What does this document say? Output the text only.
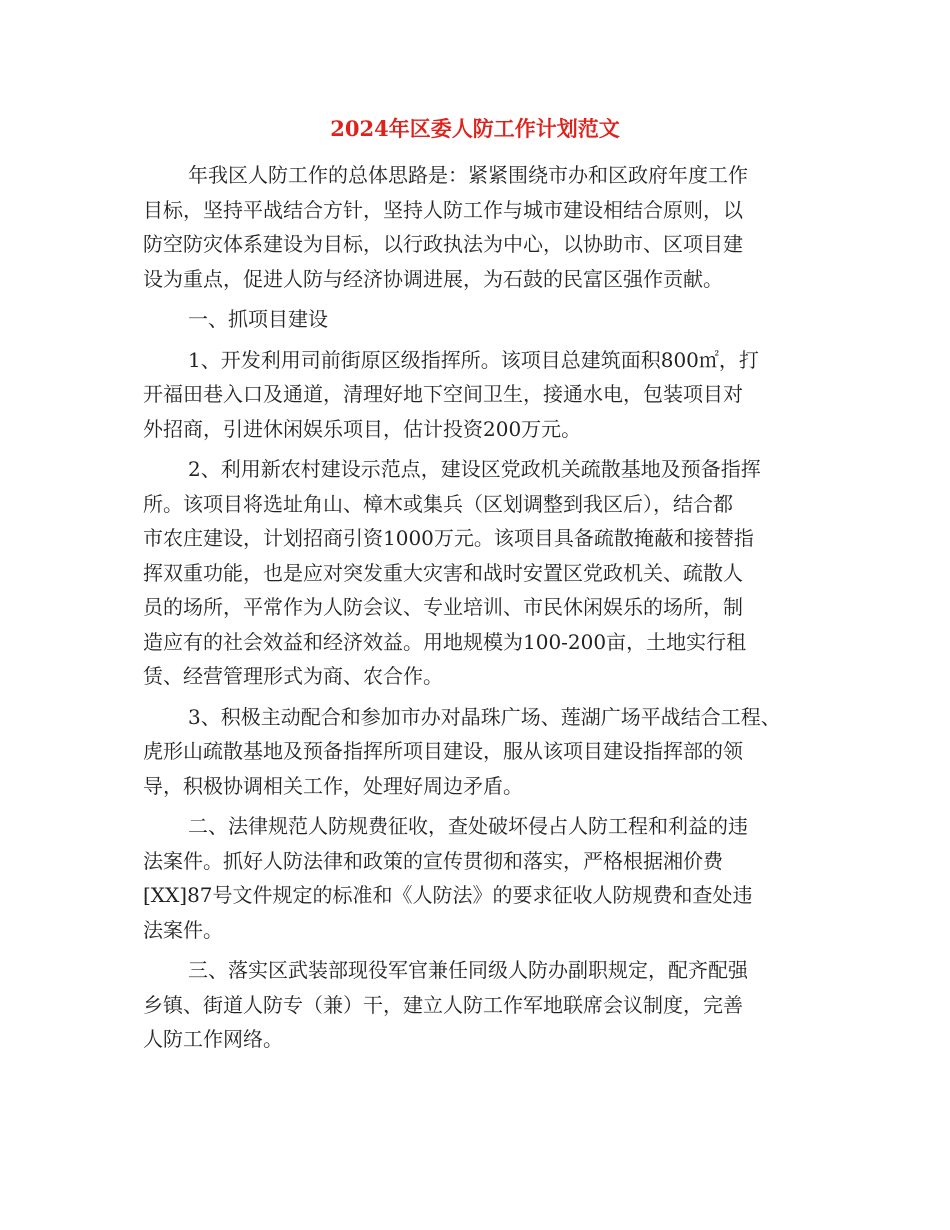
2024年区委人防工作计划范文

年我区人防工作的总体思路是：紧紧围绕市办和区政府年度工作
目标，坚持平战结合方针，坚持人防工作与城市建设相结合原则，以
防空防灾体系建设为目标，以行政执法为中心，以协助市、区项目建
设为重点，促进人防与经济协调进展，为石鼓的民富区强作贡献。

一、抓项目建设

1、开发利用司前街原区级指挥所。该项目总建筑面积800㎡，打
开福田巷入口及通道，清理好地下空间卫生，接通水电，包装项目对
外招商，引进休闲娱乐项目，估计投资200万元。

2、利用新农村建设示范点，建设区党政机关疏散基地及预备指挥
所。该项目将选址角山、樟木或集兵（区划调整到我区后），结合都
市农庄建设，计划招商引资1000万元。该项目具备疏散掩蔽和接替指
挥双重功能，也是应对突发重大灾害和战时安置区党政机关、疏散人
员的场所，平常作为人防会议、专业培训、市民休闲娱乐的场所，制
造应有的社会效益和经济效益。用地规模为100-200亩，土地实行租
赁、经营管理形式为商、农合作。

3、积极主动配合和参加市办对晶珠广场、莲湖广场平战结合工程、
虎形山疏散基地及预备指挥所项目建设，服从该项目建设指挥部的领
导，积极协调相关工作，处理好周边矛盾。

二、法律规范人防规费征收，查处破坏侵占人防工程和利益的违
法案件。抓好人防法律和政策的宣传贯彻和落实，严格根据湘价费
[XX]87号文件规定的标准和《人防法》的要求征收人防规费和查处违
法案件。

三、落实区武装部现役军官兼任同级人防办副职规定，配齐配强
乡镇、街道人防专（兼）干，建立人防工作军地联席会议制度，完善
人防工作网络。
